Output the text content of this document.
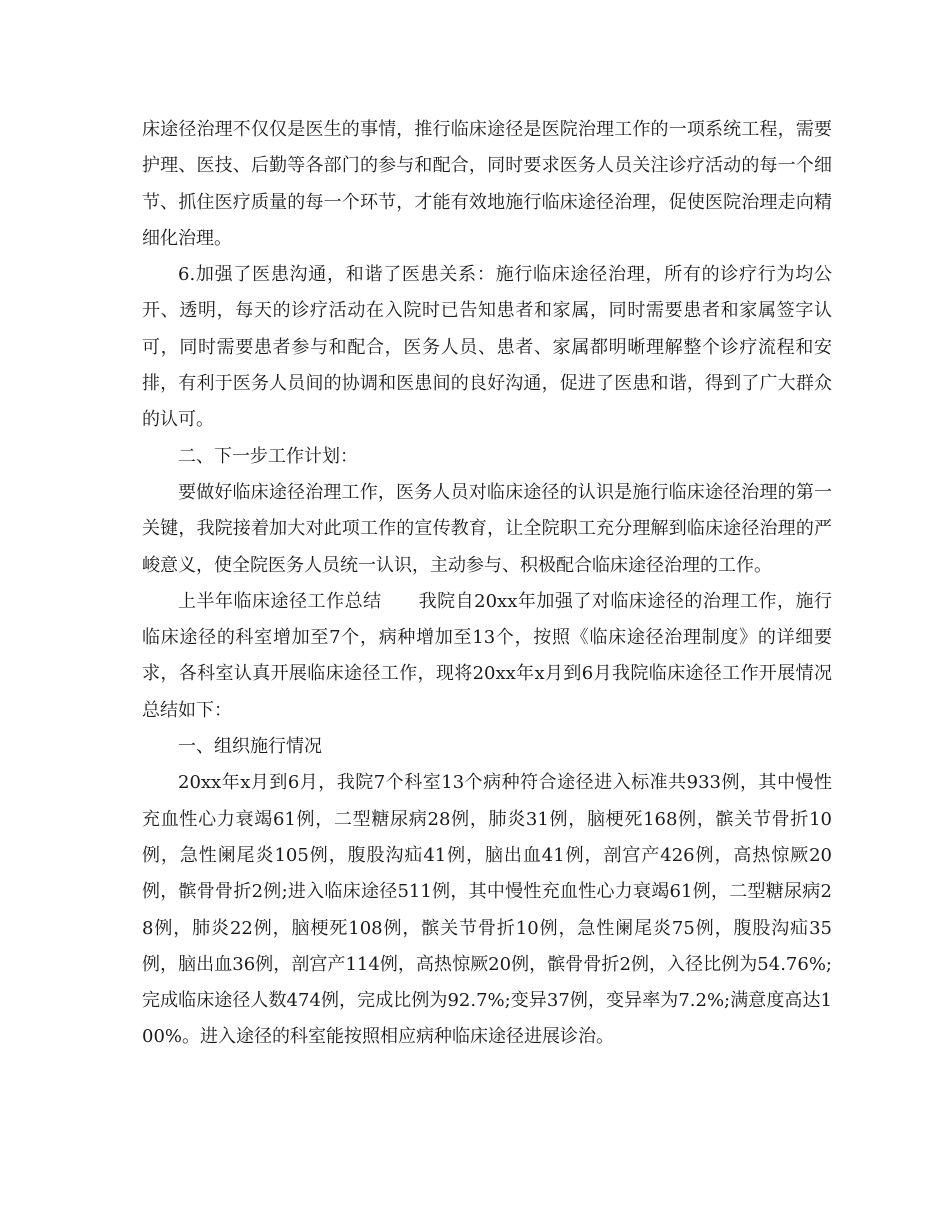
床途径治理不仅仅是医生的事情，推行临床途径是医院治理工作的一项系统工程，需要护理、医技、后勤等各部门的参与和配合，同时要求医务人员关注诊疗活动的每一个细节、抓住医疗质量的每一个环节，才能有效地施行临床途径治理，促使医院治理走向精细化治理。

6.加强了医患沟通，和谐了医患关系：施行临床途径治理，所有的诊疗行为均公开、透明，每天的诊疗活动在入院时已告知患者和家属，同时需要患者和家属签字认可，同时需要患者参与和配合，医务人员、患者、家属都明晰理解整个诊疗流程和安排，有利于医务人员间的协调和医患间的良好沟通，促进了医患和谐，得到了广大群众的认可。

二、下一步工作计划：

要做好临床途径治理工作，医务人员对临床途径的认识是施行临床途径治理的第一关键，我院接着加大对此项工作的宣传教育，让全院职工充分理解到临床途径治理的严峻意义，使全院医务人员统一认识，主动参与、积极配合临床途径治理的工作。

上半年临床途径工作总结　　我院自20xx年加强了对临床途径的治理工作，施行临床途径的科室增加至7个，病种增加至13个，按照《临床途径治理制度》的详细要求，各科室认真开展临床途径工作，现将20xx年x月到6月我院临床途径工作开展情况总结如下：

一、组织施行情况

20xx年x月到6月，我院7个科室13个病种符合途径进入标准共933例，其中慢性充血性心力衰竭61例，二型糖尿病28例，肺炎31例，脑梗死168例，髌关节骨折10例，急性阑尾炎105例，腹股沟疝41例，脑出血41例，剖宫产426例，高热惊厥20例，髌骨骨折2例;进入临床途径511例，其中慢性充血性心力衰竭61例，二型糖尿病28例，肺炎22例，脑梗死108例，髌关节骨折10例，急性阑尾炎75例，腹股沟疝35例，脑出血36例，剖宫产114例，高热惊厥20例，髌骨骨折2例，入径比例为54.76%;完成临床途径人数474例，完成比例为92.7%;变异37例，变异率为7.2%;满意度高达100%。进入途径的科室能按照相应病种临床途径进展诊治。
